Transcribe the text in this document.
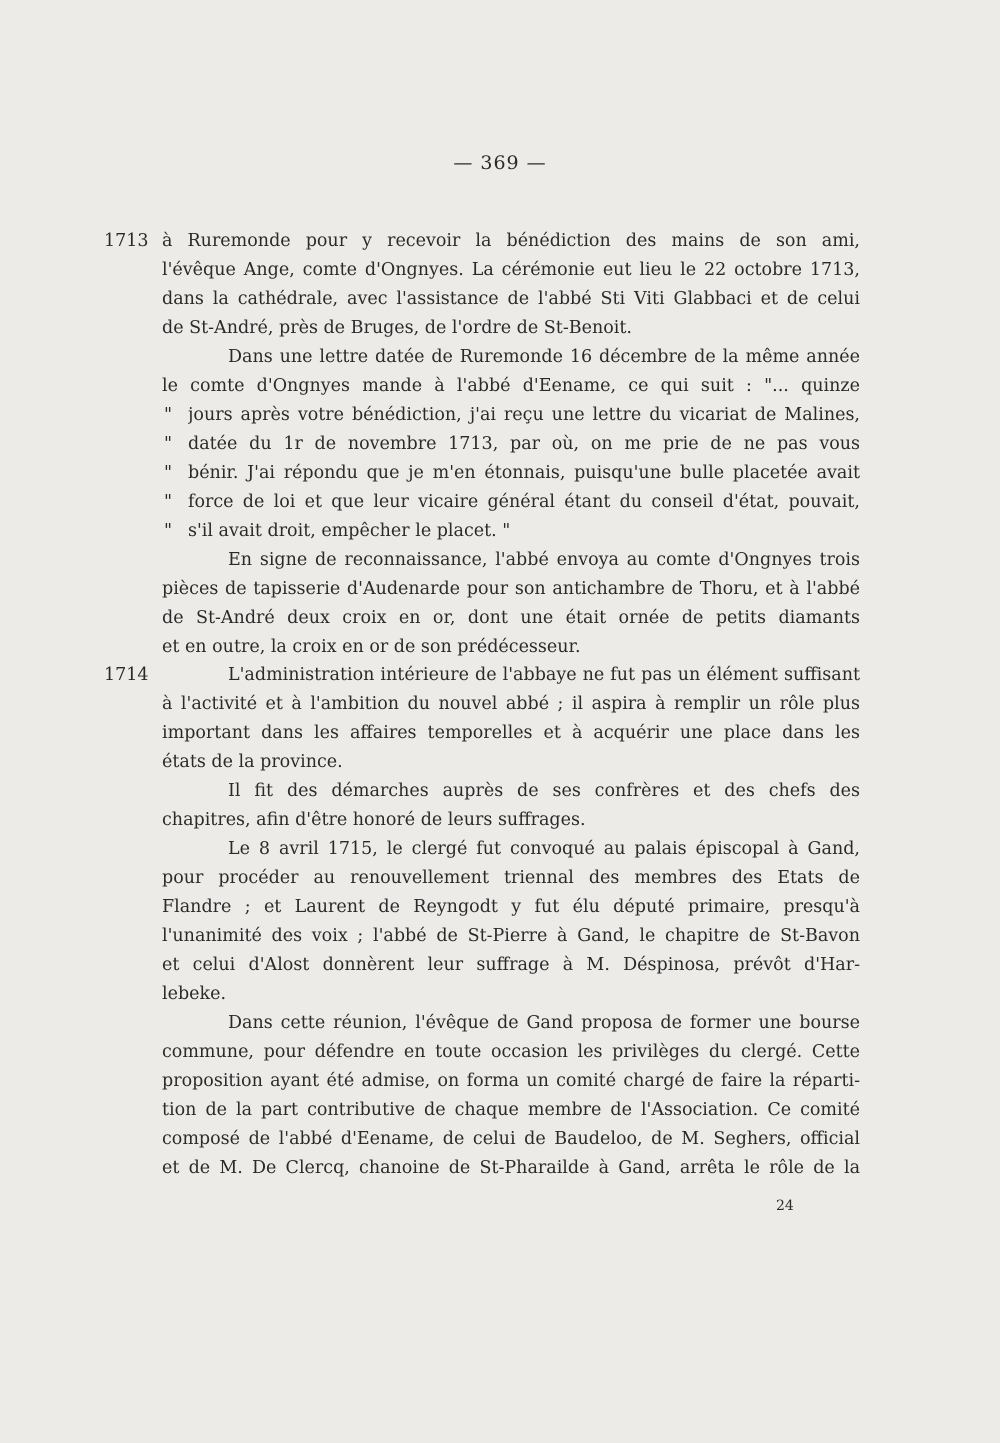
— 369 —
1713
1714
à Ruremonde pour y recevoir la bénédiction des mains de son ami,
l'évêque Ange, comte d'Ongnyes. La cérémonie eut lieu le 22 octobre 1713,
dans la cathédrale, avec l'assistance de l'abbé Sti Viti Glabbaci et de celui
de St-André, près de Bruges, de l'ordre de St-Benoit.
Dans une lettre datée de Ruremonde 16 décembre de la même année
le comte d'Ongnyes mande à l'abbé d'Eename, ce qui suit : "... quinze
" jours après votre bénédiction, j'ai reçu une lettre du vicariat de Malines,
" datée du 1r de novembre 1713, par où, on me prie de ne pas vous
" bénir. J'ai répondu que je m'en étonnais, puisqu'une bulle placetée avait
" force de loi et que leur vicaire général étant du conseil d'état, pouvait,
" s'il avait droit, empêcher le placet. "
En signe de reconnaissance, l'abbé envoya au comte d'Ongnyes trois
pièces de tapisserie d'Audenarde pour son antichambre de Thoru, et à l'abbé
de St-André deux croix en or, dont une était ornée de petits diamants
et en outre, la croix en or de son prédécesseur.
L'administration intérieure de l'abbaye ne fut pas un élément suffisant
à l'activité et à l'ambition du nouvel abbé ; il aspira à remplir un rôle plus
important dans les affaires temporelles et à acquérir une place dans les
états de la province.
Il fit des démarches auprès de ses confrères et des chefs des
chapitres, afin d'être honoré de leurs suffrages.
Le 8 avril 1715, le clergé fut convoqué au palais épiscopal à Gand,
pour procéder au renouvellement triennal des membres des Etats de
Flandre ; et Laurent de Reyngodt y fut élu député primaire, presqu'à
l'unanimité des voix ; l'abbé de St-Pierre à Gand, le chapitre de St-Bavon
et celui d'Alost donnèrent leur suffrage à M. Déspinosa, prévôt d'Har-
lebeke.
Dans cette réunion, l'évêque de Gand proposa de former une bourse
commune, pour défendre en toute occasion les privilèges du clergé. Cette
proposition ayant été admise, on forma un comité chargé de faire la réparti-
tion de la part contributive de chaque membre de l'Association. Ce comité
composé de l'abbé d'Eename, de celui de Baudeloo, de M. Seghers, official
et de M. De Clercq, chanoine de St-Pharailde à Gand, arrêta le rôle de la
24
